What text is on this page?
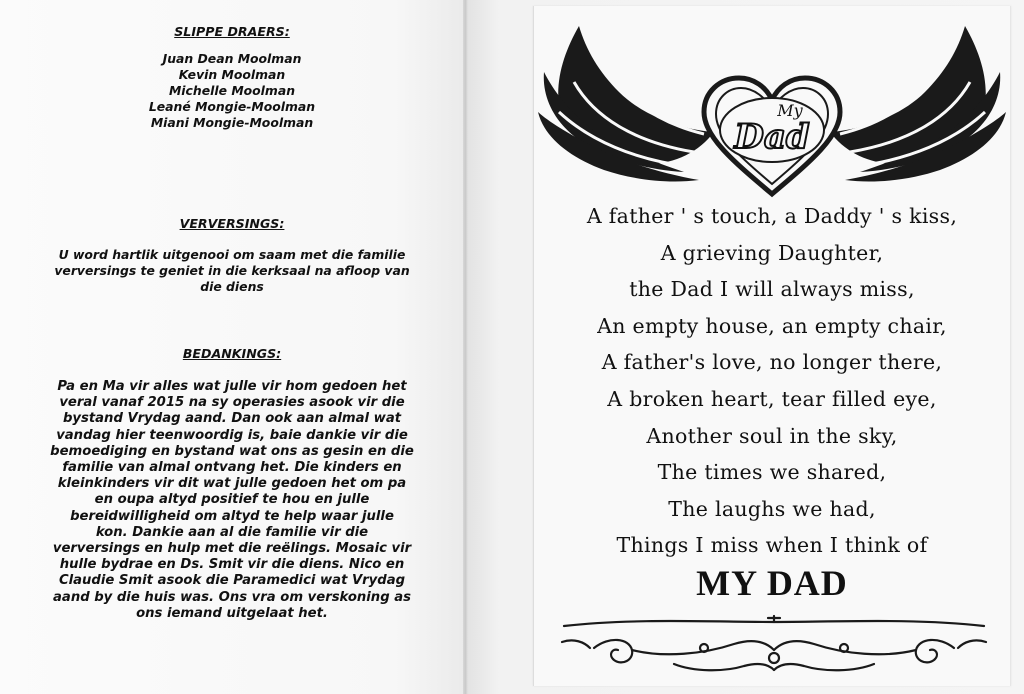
SLIPPE DRAERS:
Juan Dean Moolman
Kevin Moolman
Michelle Moolman
Leané Mongie-Moolman
Miani Mongie-Moolman
VERVERSINGS:

U word hartlik uitgenooi om saam met die familie

verversings te geniet in die kerksaal na afloop van

die diens

BEDANKINGS:

Pa en Ma vir alles wat julle vir hom gedoen het

veral vanaf 2015 na sy operasies asook vir die

bystand Vrydag aand. Dan ook aan almal wat

vandag hier teenwoordig is, baie dankie vir die

bemoediging en bystand wat ons as gesin en die

familie van almal ontvang het. Die kinders en

kleinkinders vir dit wat julle gedoen het om pa

en oupa altyd positief te hou en julle

bereidwilligheid om altyd te help waar julle

kon. Dankie aan al die familie vir die

verversings en hulp met die reëlings. Mosaic vir

hulle bydrae en Ds. Smit vir die diens. Nico en

Claudie Smit asook die Paramedici wat Vrydag

aand by die huis was. Ons vra om verskoning as

ons iemand uitgelaat het.

My
Dad
A father ' s touch, a Daddy ' s kiss,
A grieving Daughter,
the Dad I will always miss,
An empty house, an empty chair,
A father's love, no longer there,
A broken heart, tear filled eye,
Another soul in the sky,
The times we shared,
The laughs we had,
Things I miss when I think of
MY DAD
